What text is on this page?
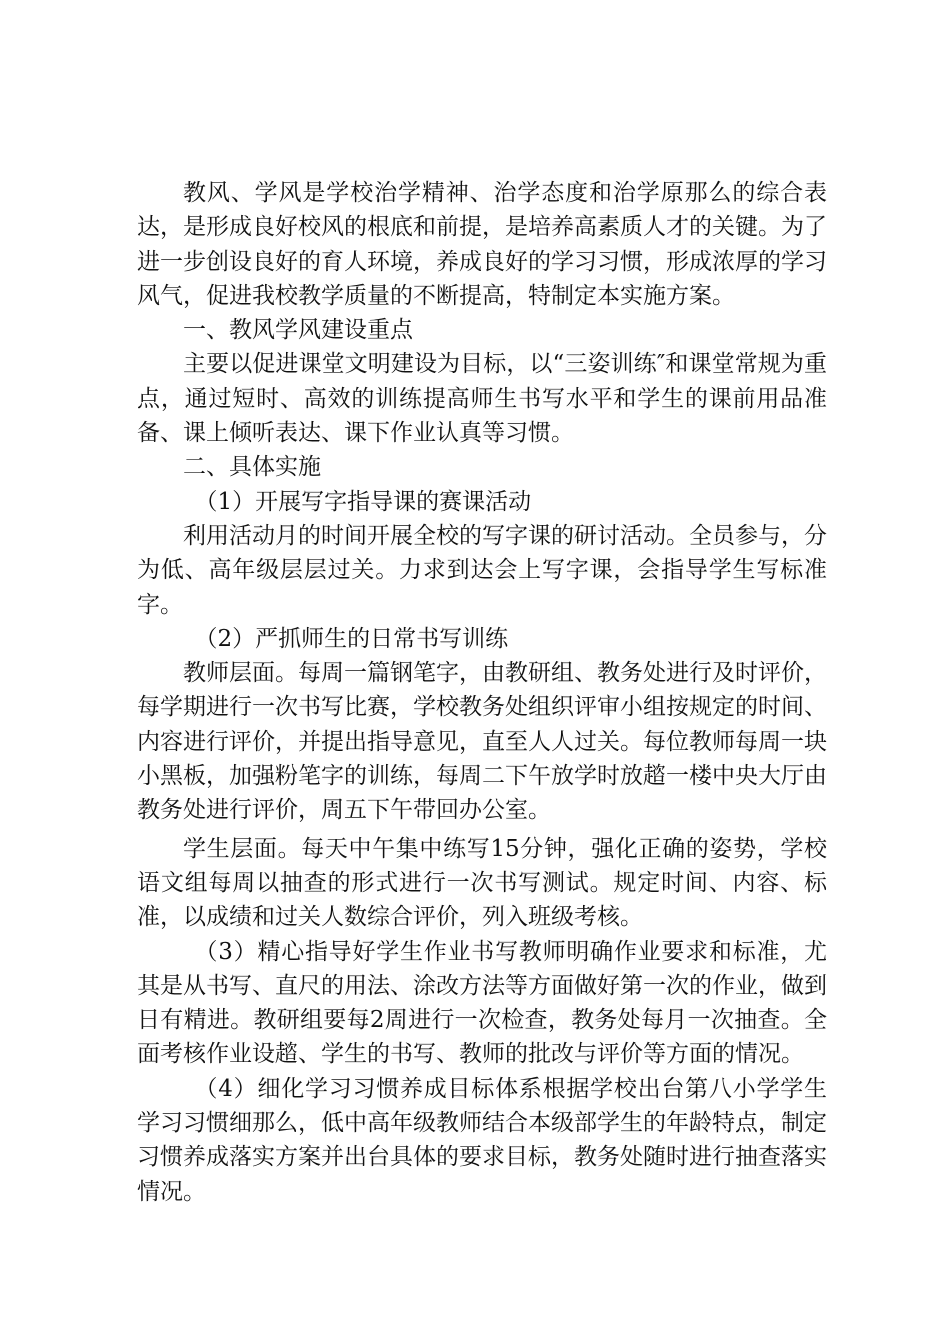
教风、学风是学校治学精神、治学态度和治学原那么的综合表达，是形成良好校风的根底和前提，是培养高素质人才的关键。为了进一步创设良好的育人环境，养成良好的学习习惯，形成浓厚的学习风气，促进我校教学质量的不断提高，特制定本实施方案。

一、教风学风建设重点

主要以促进课堂文明建设为目标，以“三姿训练″和课堂常规为重点，通过短时、高效的训练提高师生书写水平和学生的课前用品准备、课上倾听表达、课下作业认真等习惯。

二、具体实施

（1）开展写字指导课的赛课活动

利用活动月的时间开展全校的写字课的研讨活动。全员参与，分为低、高年级层层过关。力求到达会上写字课，会指导学生写标准字。

（2）严抓师生的日常书写训练

教师层面。每周一篇钢笔字，由教研组、教务处进行及时评价，每学期进行一次书写比赛，学校教务处组织评审小组按规定的时间、内容进行评价，并提出指导意见，直至人人过关。每位教师每周一块小黑板，加强粉笔字的训练，每周二下午放学时放趦一楼中央大厅由教务处进行评价，周五下午带回办公室。

学生层面。每天中午集中练写15分钟，强化正确的姿势，学校语文组每周以抽查的形式进行一次书写测试。规定时间、内容、标准，以成绩和过关人数综合评价，列入班级考核。

（3）精心指导好学生作业书写教师明确作业要求和标准，尤其是从书写、直尺的用法、涂改方法等方面做好第一次的作业，做到日有精进。教研组要每2周进行一次检查，教务处每月一次抽查。全面考核作业设趦、学生的书写、教师的批改与评价等方面的情况。

（4）细化学习习惯养成目标体系根据学校出台第八小学学生学习习惯细那么，低中高年级教师结合本级部学生的年龄特点，制定习惯养成落实方案并出台具体的要求目标，教务处随时进行抽查落实情况。
